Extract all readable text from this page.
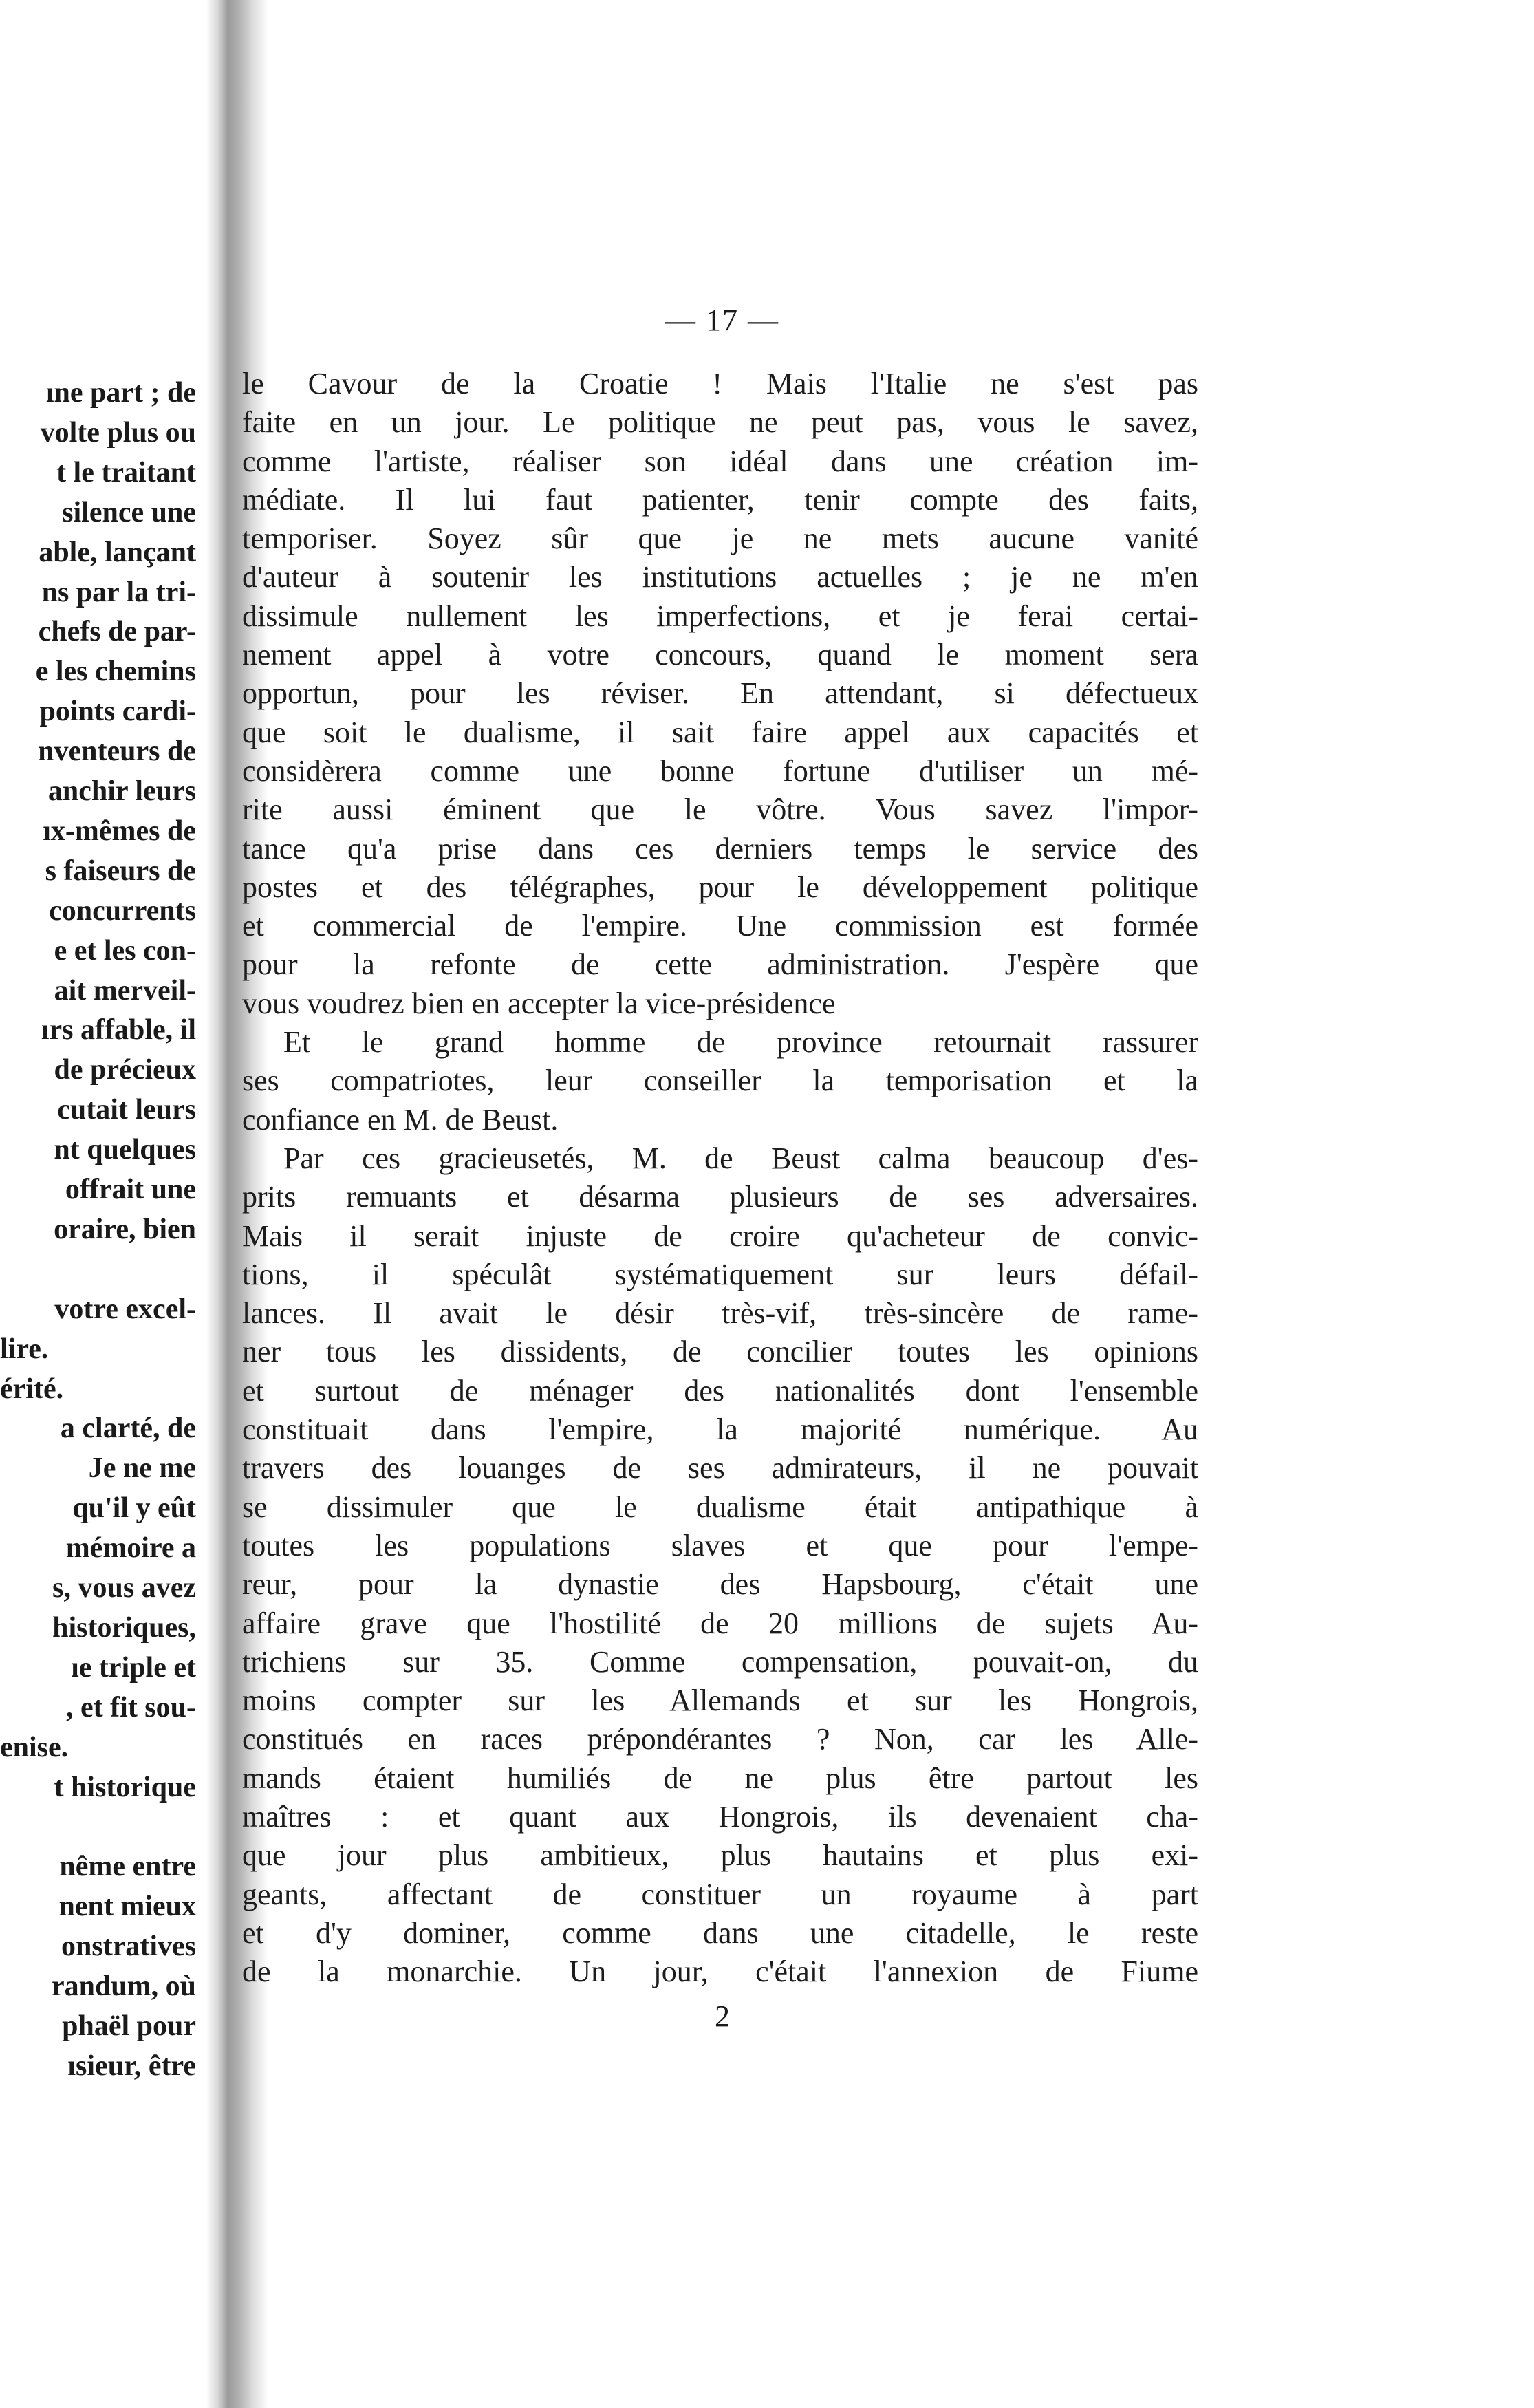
ıne part ; de
volte plus ou
t le traitant
silence une
able, lançant
ns par la tri-
chefs de par-
e les chemins
points cardi-
nventeurs de
anchir leurs
ıx-mêmes de
s faiseurs de
concurrents
e et les con-
ait merveil-
ırs affable, il
de précieux
cutait leurs
nt quelques
offrait une
oraire, bien
votre excel-
lire.
érité.
a clarté, de
Je ne me
qu'il y eût
mémoire a
s, vous avez
historiques,
ıe triple et
, et fit sou-
enise.
t historique
nême entre
nent mieux
onstratives
randum, où
phaël pour
ısieur, être
— 17 —
le Cavour de la Croatie ! Mais l'Italie ne s'est pas
faite en un jour. Le politique ne peut pas, vous le savez,
comme l'artiste, réaliser son idéal dans une création im-
médiate. Il lui faut patienter, tenir compte des faits,
temporiser. Soyez sûr que je ne mets aucune vanité
d'auteur à soutenir les institutions actuelles ; je ne m'en
dissimule nullement les imperfections, et je ferai certai-
nement appel à votre concours, quand le moment sera
opportun, pour les réviser. En attendant, si défectueux
que soit le dualisme, il sait faire appel aux capacités et
considèrera comme une bonne fortune d'utiliser un mé-
rite aussi éminent que le vôtre. Vous savez l'impor-
tance qu'a prise dans ces derniers temps le service des
postes et des télégraphes, pour le développement politique
et commercial de l'empire. Une commission est formée
pour la refonte de cette administration. J'espère que
vous voudrez bien en accepter la vice-présidence
Et le grand homme de province retournait rassurer
ses compatriotes, leur conseiller la temporisation et la
confiance en M. de Beust.
Par ces gracieusetés, M. de Beust calma beaucoup d'es-
prits remuants et désarma plusieurs de ses adversaires.
Mais il serait injuste de croire qu'acheteur de convic-
tions, il spéculât systématiquement sur leurs défail-
lances. Il avait le désir très-vif, très-sincère de rame-
ner tous les dissidents, de concilier toutes les opinions
et surtout de ménager des nationalités dont l'ensemble
constituait dans l'empire, la majorité numérique. Au
travers des louanges de ses admirateurs, il ne pouvait
se dissimuler que le dualisme était antipathique à
toutes les populations slaves et que pour l'empe-
reur, pour la dynastie des Hapsbourg, c'était une
affaire grave que l'hostilité de 20 millions de sujets Au-
trichiens sur 35. Comme compensation, pouvait-on, du
moins compter sur les Allemands et sur les Hongrois,
constitués en races prépondérantes ? Non, car les Alle-
mands étaient humiliés de ne plus être partout les
maîtres : et quant aux Hongrois, ils devenaient cha-
que jour plus ambitieux, plus hautains et plus exi-
geants, affectant de constituer un royaume à part
et d'y dominer, comme dans une citadelle, le reste
de la monarchie. Un jour, c'était l'annexion de Fiume
2
